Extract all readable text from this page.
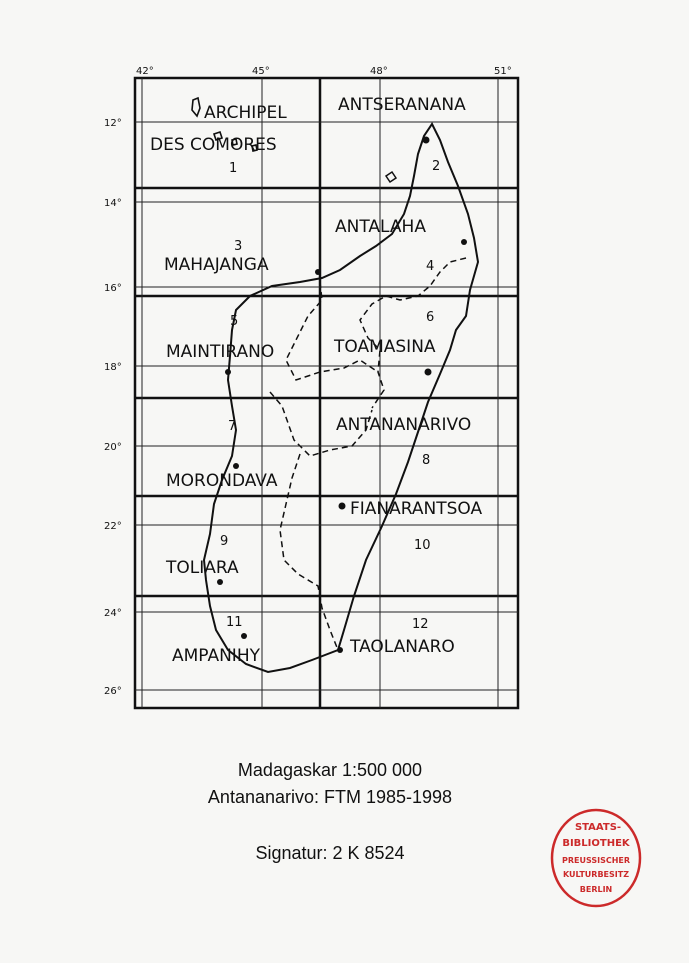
42°	45°	48°	51°
12°
14°
16°
18°
20°
22°
24°
26°
1	2
3
4
5	6
7
8
9	10
11	12
ARCHIPEL
DES COMORES
ANTSERANANA
ANTALAHA
MAHAJANGA
MAINTIRANO	TOAMASINA
ANTANANARIVO
MORONDAVA
FIANARANTSOA
TOLIARA
AMPANIHY	TAOLANARO
Madagaskar 1:500 000
Antananarivo: FTM 1985-1998
Signatur: 2 K 8524
STAATS-
BIBLIOTHEK
PREUSSISCHER
KULTURBESITZ
BERLIN
